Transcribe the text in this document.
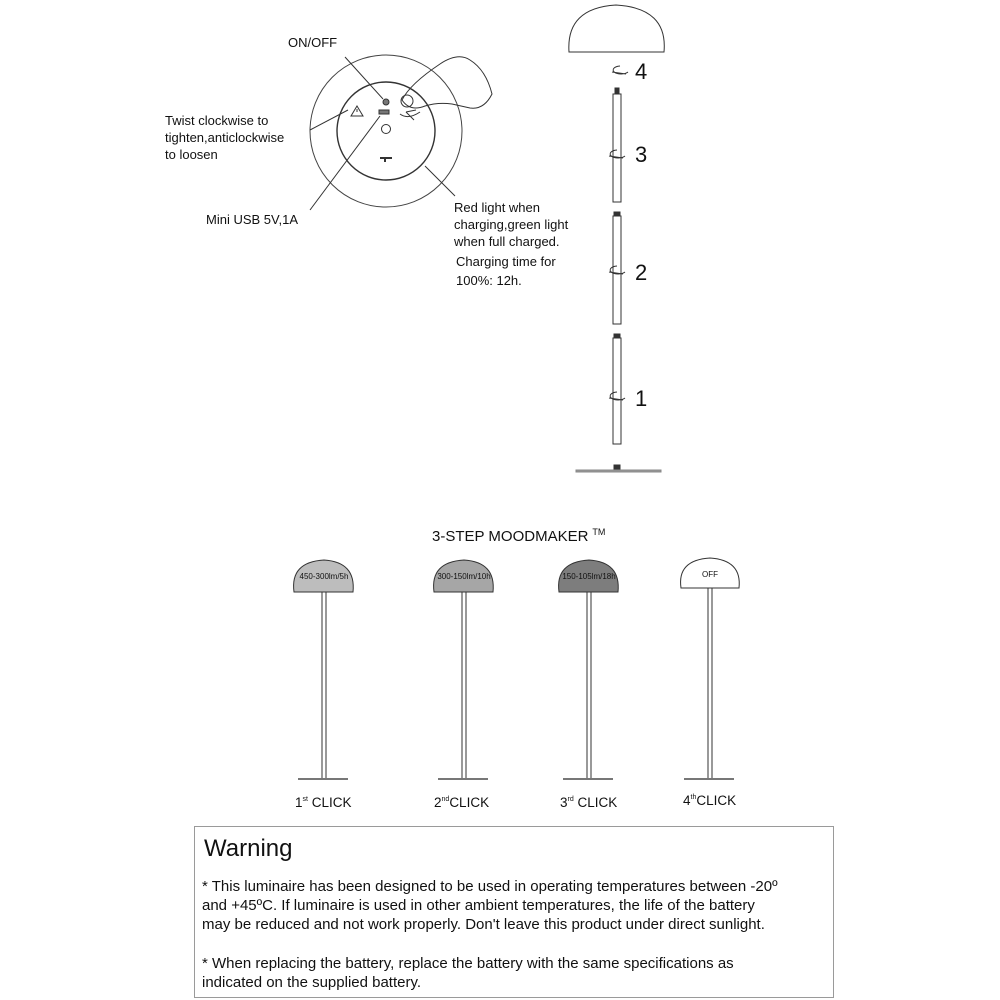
ON/OFF
Twist clockwise to
tighten,anticlockwise
to loosen
Mini USB 5V,1A
Red light when
charging,green light
when full charged.
Charging time for
100%: 12h.
4
3
2
1
3-STEP MOODMAKER ™
450-300lm/5h	300-150lm/10h	150-105lm/18h	OFF
1st CLICK	2ndCLICK	3rd CLICK	4thCLICK
Warning
* This luminaire has been designed to be used in operating temperatures between -20º
and +45ºC. If luminaire is used in other ambient temperatures, the life of the battery
may be reduced and not work properly. Don't leave this product under direct sunlight.
* When replacing the battery, replace the battery with the same specifications as
indicated on the supplied battery.
